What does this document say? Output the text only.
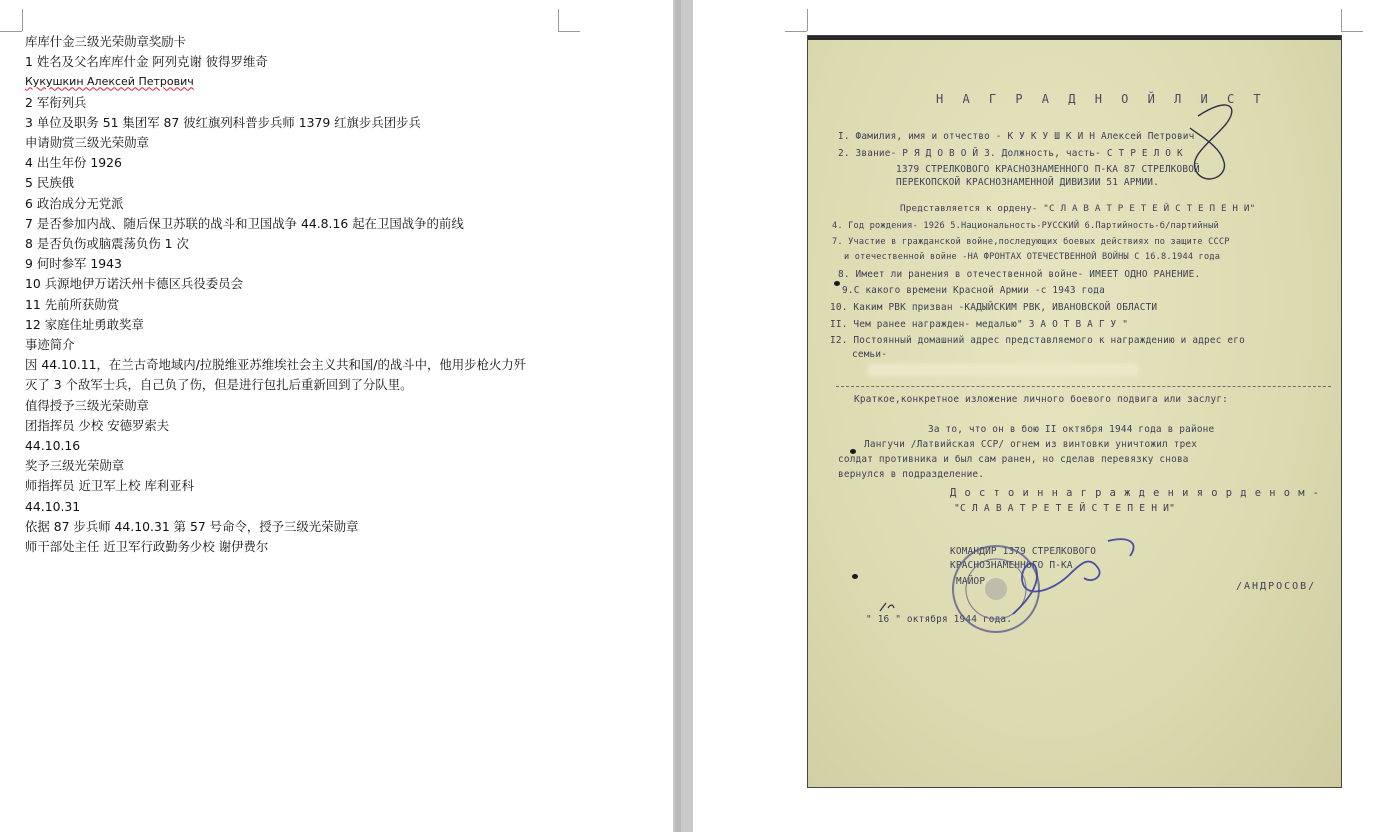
库库什金三级光荣勋章奖励卡
1 姓名及父名库库什金 阿列克谢 彼得罗维奇
Кукушкин Алексей Петрович
2 军衔列兵
3 单位及职务 51 集团军 87 彼红旗列科普步兵师 1379 红旗步兵团步兵
申请勋赏三级光荣勋章
4 出生年份 1926
5 民族俄
6 政治成分无党派
7 是否参加内战、随后保卫苏联的战斗和卫国战争 44.8.16 起在卫国战争的前线
8 是否负伤或脑震荡负伤 1 次
9 何时参军 1943
10 兵源地伊万诺沃州卡德区兵役委员会
11 先前所获勋赏
12 家庭住址勇敢奖章
事迹简介
因 44.10.11，在兰古奇地域内/拉脱维亚苏维埃社会主义共和国/的战斗中，他用步枪火力歼
灭了 3 个敌军士兵，自己负了伤，但是进行包扎后重新回到了分队里。
值得授予三级光荣勋章
团指挥员 少校 安德罗索夫
44.10.16
奖予三级光荣勋章
师指挥员 近卫军上校 库利亚科
44.10.31
依据 87 步兵师 44.10.31 第 57 号命令，授予三级光荣勋章
师干部处主任 近卫军行政勤务少校 谢伊费尔
Н А Г Р А Д Н О Й Л И С Т
I. Фамилия, имя и отчество - К У К У Ш К И Н Алексей Петрович
2. Звание- Р Я Д О В О Й 3. Должность, часть- С Т Р Е Л О К
1379 СТРЕЛКОВОГО КРАСНОЗНАМЕННОГО П-КА 87 СТРЕЛКОВОЙ
ПЕРЕКОПСКОЙ КРАСНОЗНАМЕННОЙ ДИВИЗИИ 51 АРМИИ.
Представляется к ордену- "С Л А В А Т Р Е Т Е Й С Т Е П Е Н И"
4. Год рождения- 1926 5.Национальность-РУССКИЙ 6.Партийность-б/партийный
7. Участие в гражданской войне,последующих боевых действиях по защите СССР
и отечественной войне -НА ФРОНТАХ ОТЕЧЕСТВЕННОЙ ВОЙНЫ С 16.8.1944 года
8. Имеет ли ранения в отечественной войне- ИМЕЕТ ОДНО РАНЕНИЕ.
9.С какого времени Красной Армии -с 1943 года
10. Каким РВК призван -КАДЫЙСКИМ РВК, ИВАНОВСКОЙ ОБЛАСТИ
II. Чем ранее награжден- медалью" З А О Т В А Г У "
I2. Постоянный домашний адрес представляемого к награждению и адрес его
семьи-
Краткое,конкретное изложение личного боевого подвига или заслуг:
За то, что он в бою II октября 1944 года в районе
Лангучи /Латвийская ССР/ огнем из винтовки уничтожил трех
солдат противника и был сам ранен, но сделав перевязку снова
вернулся в подразделение.
Д о с т о и н н а г р а ж д е н и я о р д е н о м -
"С Л А В А Т Р Е Т Е Й С Т Е П Е Н И"
КОМАНДИР 1379 СТРЕЛКОВОГО
КРАСНОЗНАМЕННОГО П-КА
МАЙОР	/АНДРОСОВ/
" 16 " октября 1944 года.
